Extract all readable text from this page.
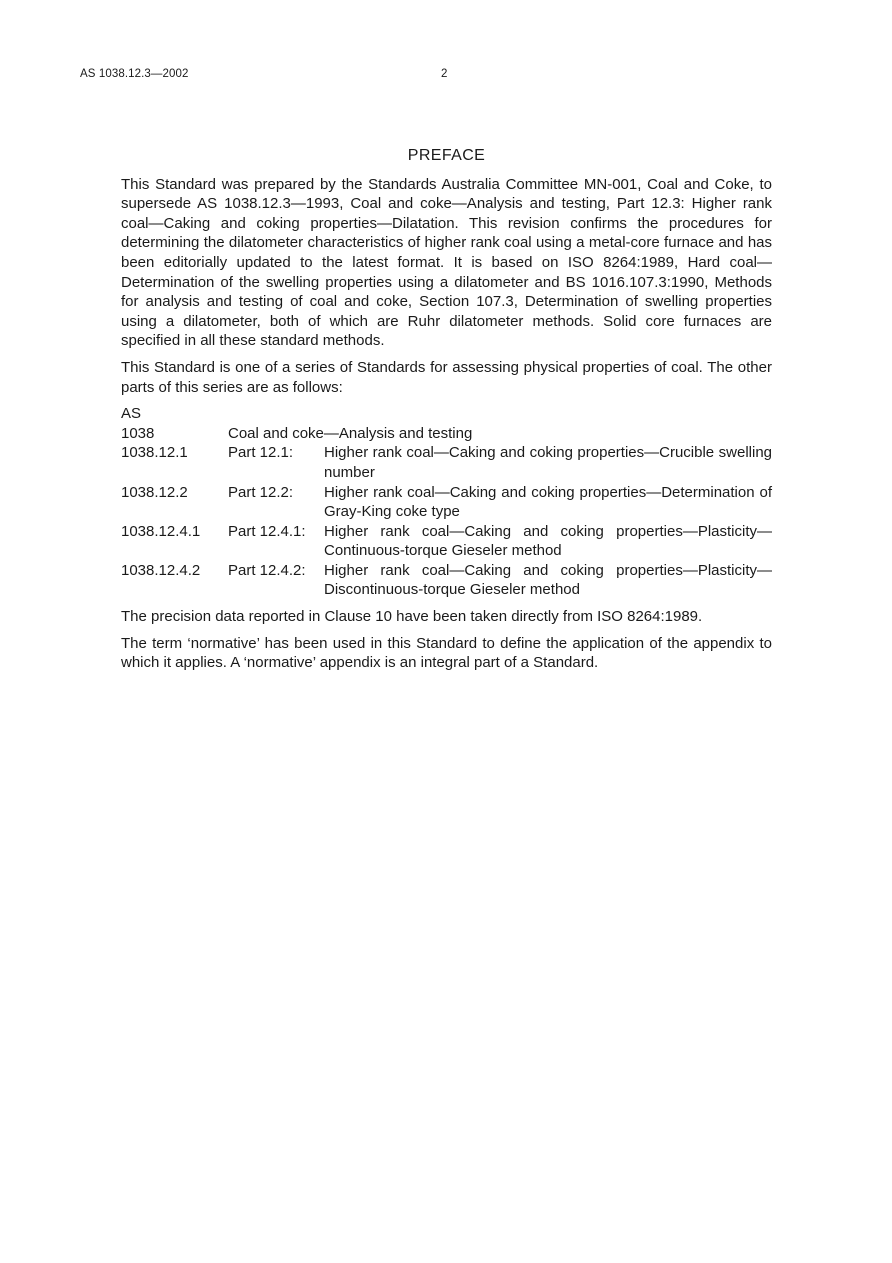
AS 1038.12.3—2002	2
PREFACE

This Standard was prepared by the Standards Australia Committee MN-001, Coal and Coke, to supersede AS 1038.12.3—1993, Coal and coke—Analysis and testing, Part 12.3: Higher rank coal—Caking and coking properties—Dilatation. This revision confirms the procedures for determining the dilatometer characteristics of higher rank coal using a metal-core furnace and has been editorially updated to the latest format. It is based on ISO 8264:1989, Hard coal—Determination of the swelling properties using a dilatometer and BS 1016.107.3:1990, Methods for analysis and testing of coal and coke, Section 107.3, Determination of swelling properties using a dilatometer, both of which are Ruhr dilatometer methods. Solid core furnaces are specified in all these standard methods.

This Standard is one of a series of Standards for assessing physical properties of coal. The other parts of this series are as follows:

AS
1038	Coal and coke—Analysis and testing	
1038.12.1	Part 12.1:	Higher rank coal—Caking and coking properties—Crucible swelling number
1038.12.2	Part 12.2:	Higher rank coal—Caking and coking properties—Determination of Gray-King coke type
1038.12.4.1	Part 12.4.1:	Higher rank coal—Caking and coking properties—Plasticity—Continuous-torque Gieseler method
1038.12.4.2	Part 12.4.2:	Higher rank coal—Caking and coking properties—Plasticity—Discontinuous-torque Gieseler method

The precision data reported in Clause 10 have been taken directly from ISO 8264:1989.

The term ‘normative’ has been used in this Standard to define the application of the appendix to which it applies. A ‘normative’ appendix is an integral part of a Standard.
